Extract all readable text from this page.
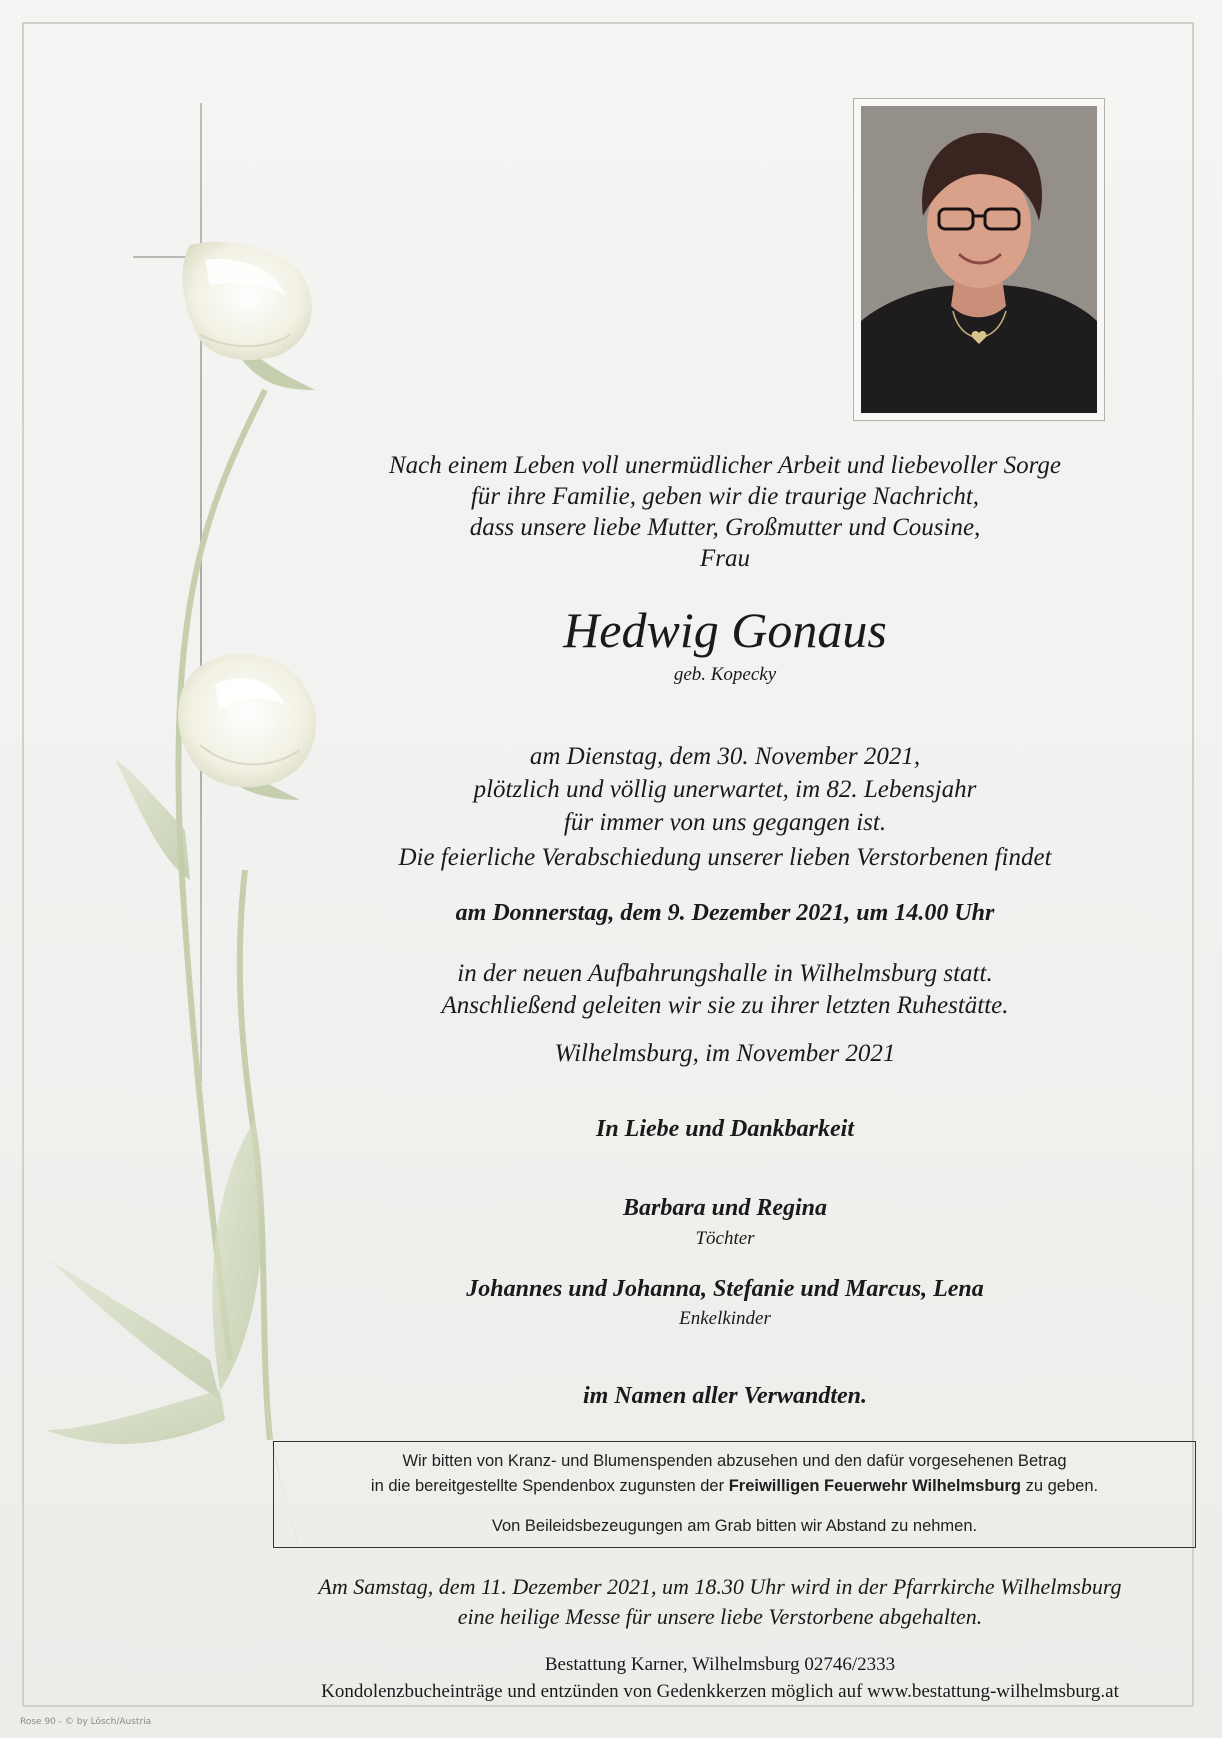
Nach einem Leben voll unermüdlicher Arbeit und liebevoller Sorge
für ihre Familie, geben wir die traurige Nachricht,
dass unsere liebe Mutter, Großmutter und Cousine,
Frau
Hedwig Gonaus
geb. Kopecky
am Dienstag, dem 30. November 2021,
plötzlich und völlig unerwartet, im 82. Lebensjahr
für immer von uns gegangen ist.
Die feierliche Verabschiedung unserer lieben Verstorbenen findet
am Donnerstag, dem 9. Dezember 2021, um 14.00 Uhr
in der neuen Aufbahrungshalle in Wilhelmsburg statt.
Anschließend geleiten wir sie zu ihrer letzten Ruhestätte.
Wilhelmsburg, im November 2021
In Liebe und Dankbarkeit
Barbara und Regina
Töchter
Johannes und Johanna, Stefanie und Marcus, Lena
Enkelkinder
im Namen aller Verwandten.
Wir bitten von Kranz- und Blumenspenden abzusehen und den dafür vorgesehenen Betrag
in die bereitgestellte Spendenbox zugunsten der Freiwilligen Feuerwehr Wilhelmsburg zu geben.
Von Beileidsbezeugungen am Grab bitten wir Abstand zu nehmen.
Am Samstag, dem 11. Dezember 2021, um 18.30 Uhr wird in der Pfarrkirche Wilhelmsburg
eine heilige Messe für unsere liebe Verstorbene abgehalten.
Bestattung Karner, Wilhelmsburg 02746/2333
Kondolenzbucheinträge und entzünden von Gedenkkerzen möglich auf www.bestattung-wilhelmsburg.at
Rose 90 - © by Lösch/Austria
